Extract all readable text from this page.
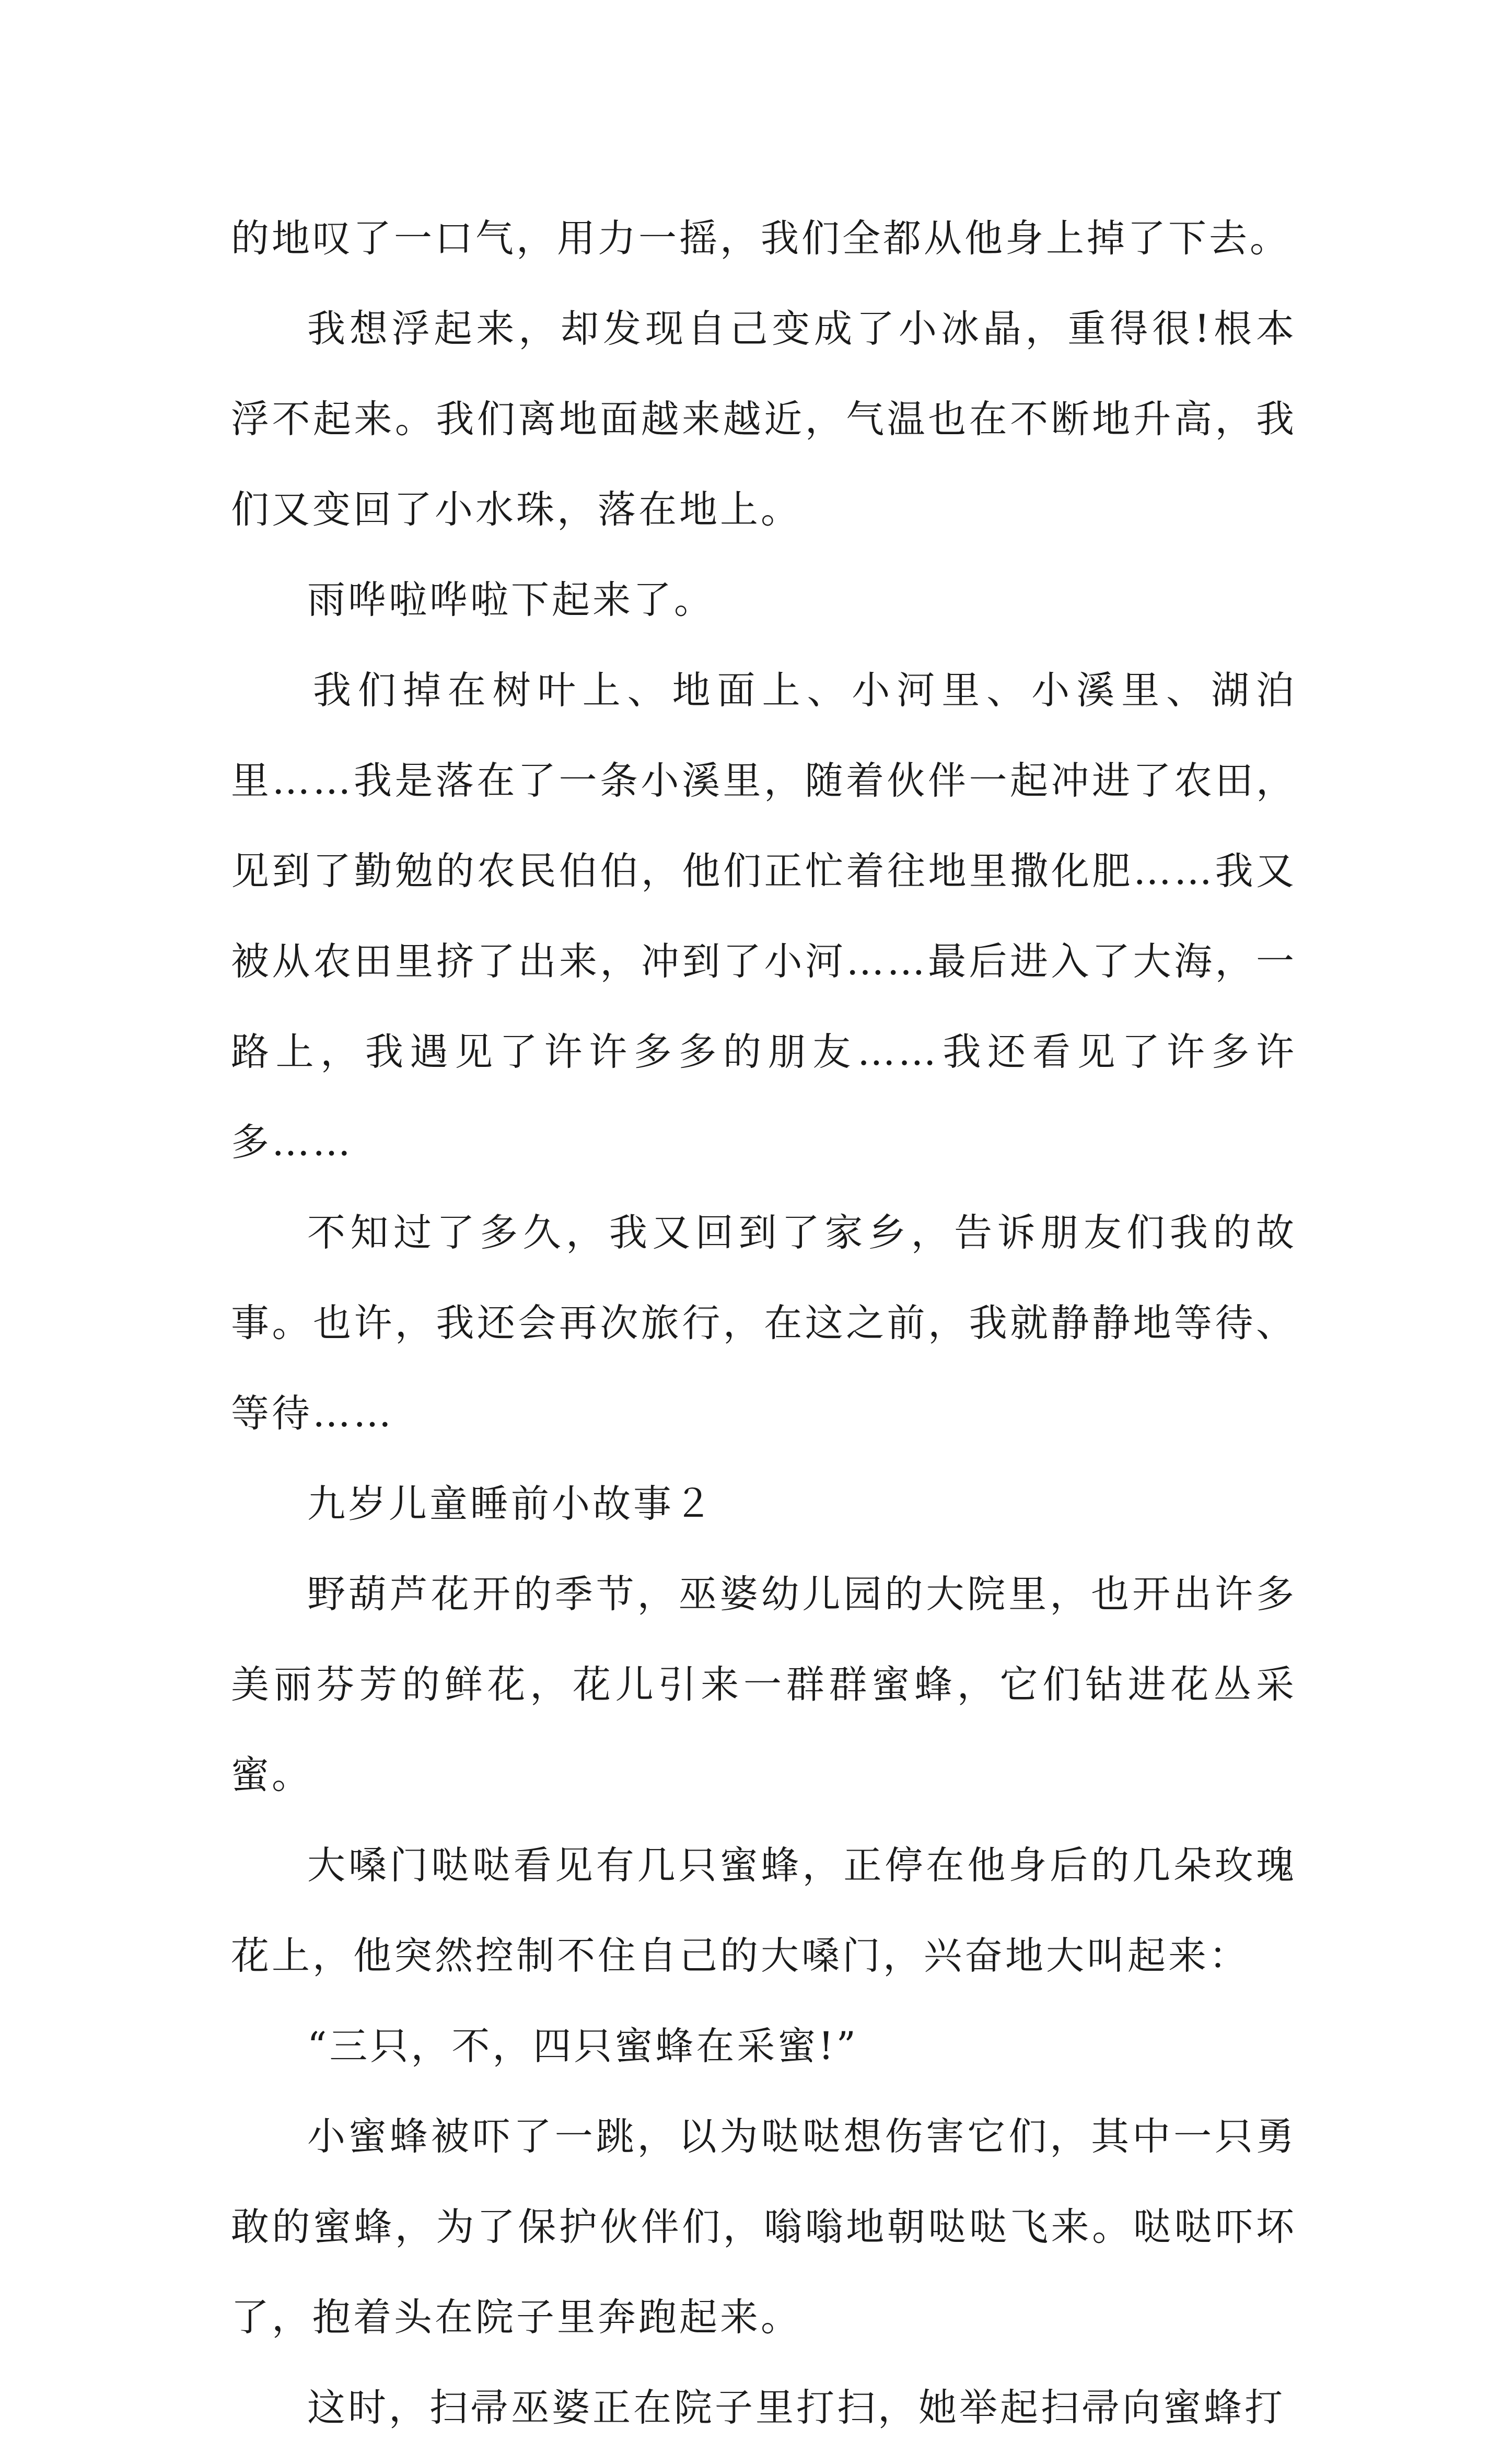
的地叹了一口气，用力一摇，我们全都从他身上掉了下去。

我想浮起来，却发现自己变成了小冰晶，重得很!根本浮不起来。我们离地面越来越近，气温也在不断地升高，我们又变回了小水珠，落在地上。

雨哗啦哗啦下起来了。

我们掉在树叶上、地面上、小河里、小溪里、湖泊里……我是落在了一条小溪里，随着伙伴一起冲进了农田，见到了勤勉的农民伯伯，他们正忙着往地里撒化肥……我又被从农田里挤了出来，冲到了小河……最后进入了大海，一路上，我遇见了许许多多的朋友……我还看见了许多许多……

不知过了多久，我又回到了家乡，告诉朋友们我的故事。也许，我还会再次旅行，在这之前，我就静静地等待、等待……

九岁儿童睡前小故事２

野葫芦花开的季节，巫婆幼儿园的大院里，也开出许多美丽芬芳的鲜花，花儿引来一群群蜜蜂，它们钻进花丛采蜜。

大嗓门哒哒看见有几只蜜蜂，正停在他身后的几朵玫瑰花上，他突然控制不住自己的大嗓门，兴奋地大叫起来：

“三只，不，四只蜜蜂在采蜜!”

小蜜蜂被吓了一跳，以为哒哒想伤害它们，其中一只勇敢的蜜蜂，为了保护伙伴们，嗡嗡地朝哒哒飞来。哒哒吓坏了，抱着头在院子里奔跑起来。

这时，扫帚巫婆正在院子里打扫，她举起扫帚向蜜蜂打
